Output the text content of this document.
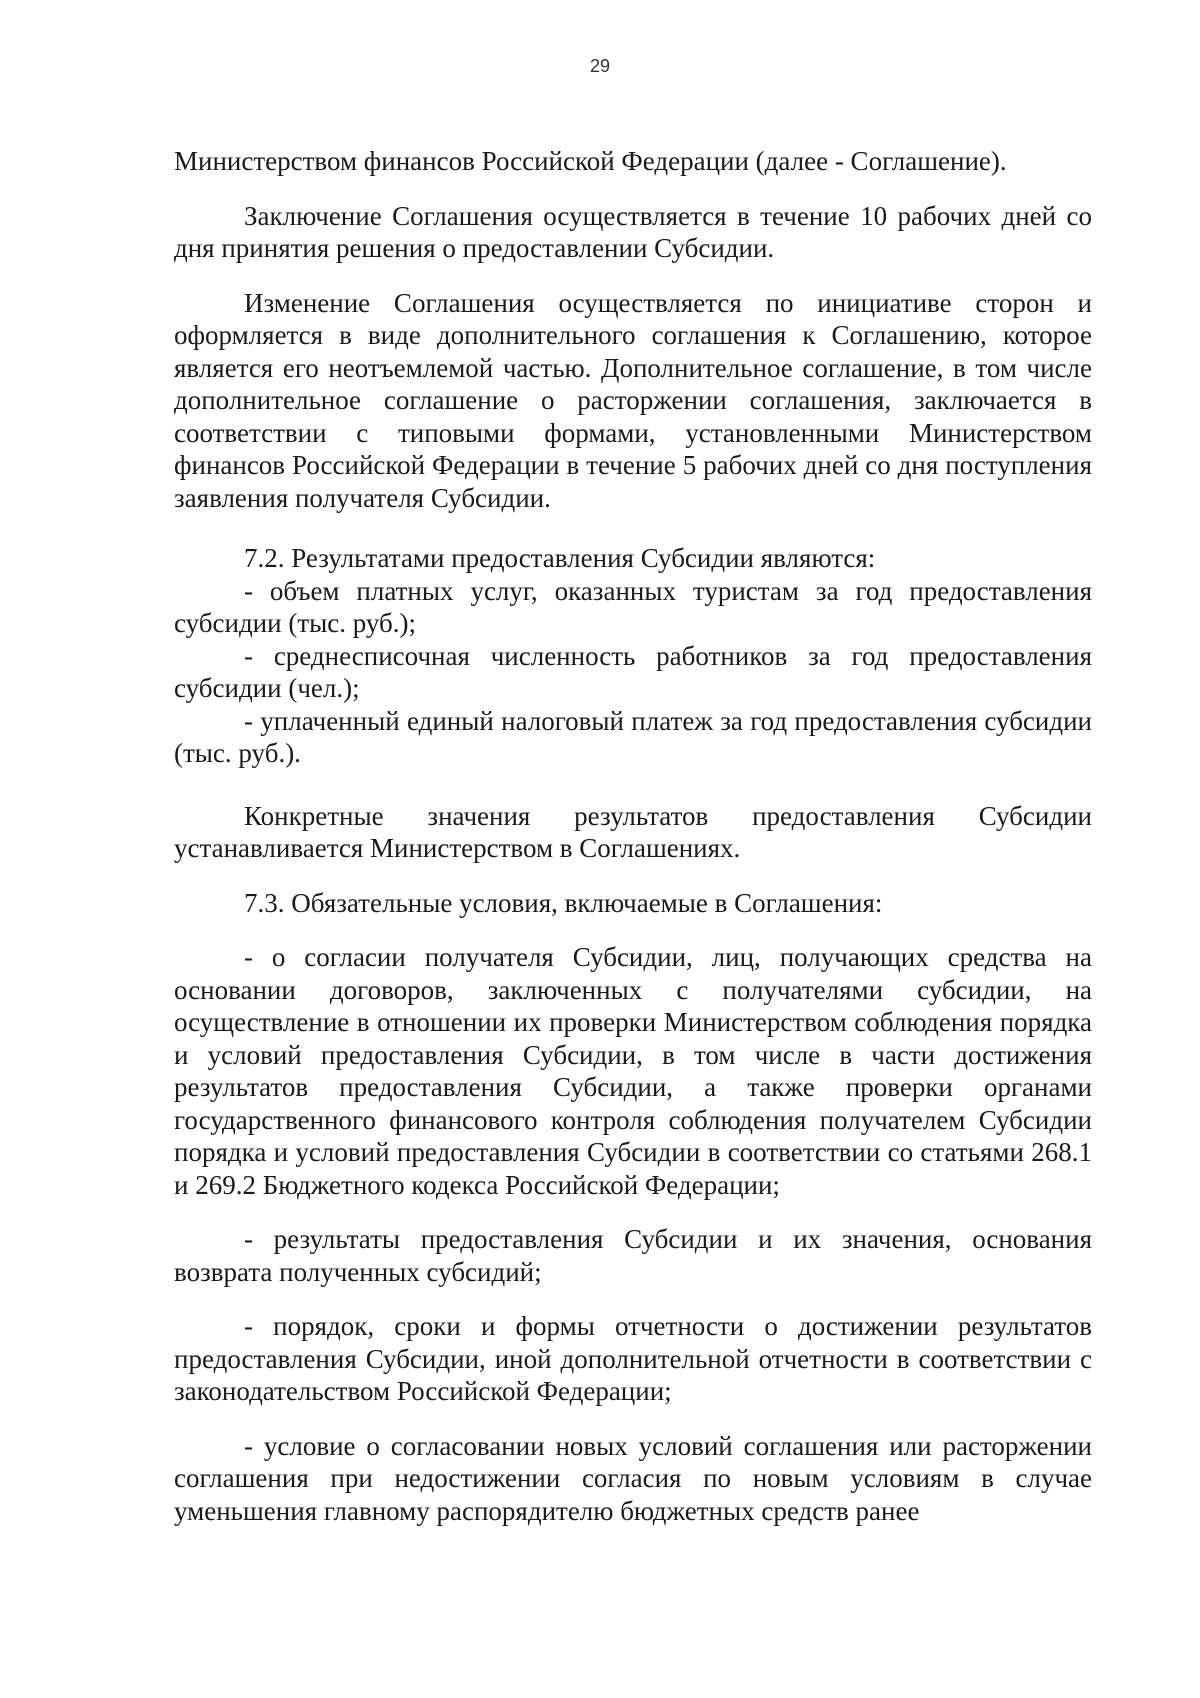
29

Министерством финансов Российской Федерации (далее - Соглашение).

Заключение Соглашения осуществляется в течение 10 рабочих дней со дня принятия решения о предоставлении Субсидии.

Изменение Соглашения осуществляется по инициативе сторон и оформляется в виде дополнительного соглашения к Соглашению, которое является его неотъемлемой частью. Дополнительное соглашение, в том числе дополнительное соглашение о расторжении соглашения, заключается в соответствии с типовыми формами, установленными Министерством финансов Российской Федерации в течение 5 рабочих дней со дня поступления заявления получателя Субсидии.

7.2. Результатами предоставления Субсидии являются:

- объем платных услуг, оказанных туристам за год предоставления субсидии (тыс. руб.);

- среднесписочная численность работников за год предоставления субсидии (чел.);

- уплаченный единый налоговый платеж за год предоставления субсидии (тыс. руб.).

Конкретные значения результатов предоставления Субсидии устанавливается Министерством в Соглашениях.

7.3. Обязательные условия, включаемые в Соглашения:

- о согласии получателя Субсидии, лиц, получающих средства на основании договоров, заключенных с получателями субсидии, на осуществление в отношении их проверки Министерством соблюдения порядка и условий предоставления Субсидии, в том числе в части достижения результатов предоставления Субсидии, а также проверки органами государственного финансового контроля соблюдения получателем Субсидии порядка и условий предоставления Субсидии в соответствии со статьями 268.1 и 269.2 Бюджетного кодекса Российской Федерации;

- результаты предоставления Субсидии и их значения, основания возврата полученных субсидий;

- порядок, сроки и формы отчетности о достижении результатов предоставления Субсидии, иной дополнительной отчетности в соответствии с законодательством Российской Федерации;

- условие о согласовании новых условий соглашения или расторжении соглашения при недостижении согласия по новым условиям в случае уменьшения главному распорядителю бюджетных средств ранее
